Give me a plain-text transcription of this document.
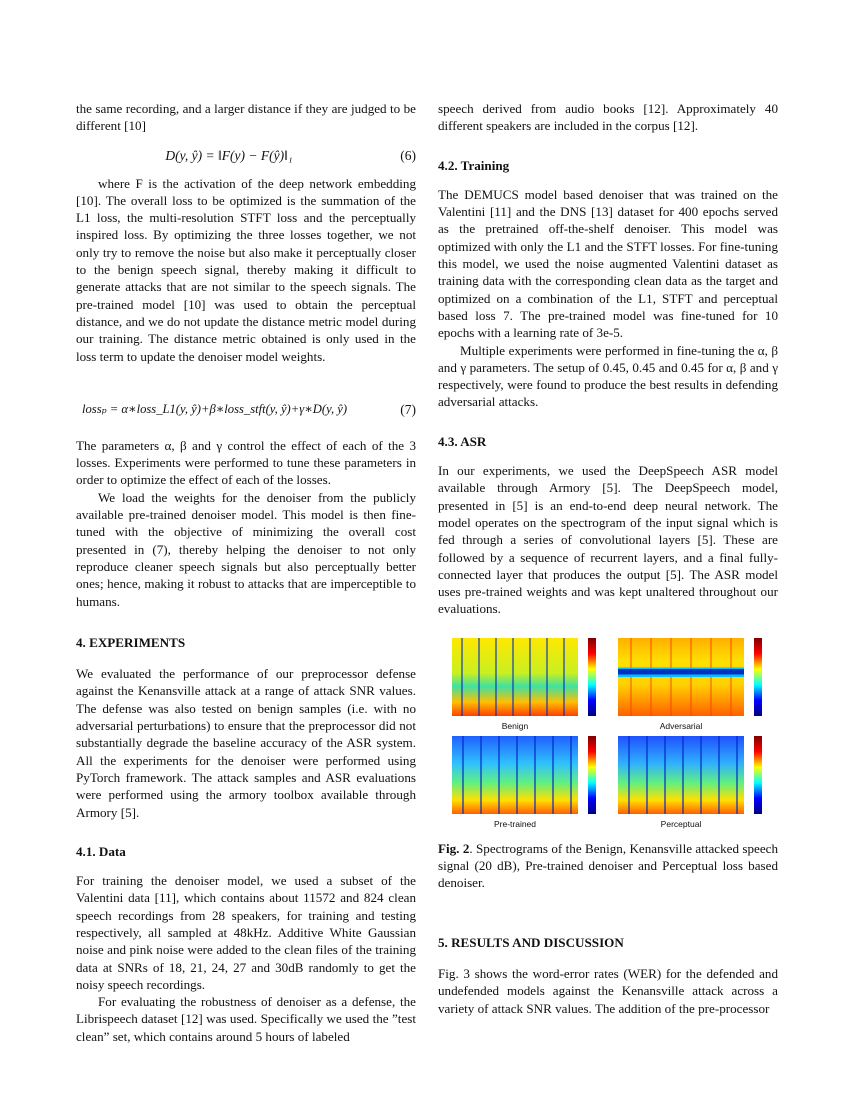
the same recording, and a larger distance if they are judged to be different [10]

D(y, ŷ) = ‖F(y) − F(ŷ)‖₁	(6)

where F is the activation of the deep network embedding [10]. The overall loss to be optimized is the summation of the L1 loss, the multi-resolution STFT loss and the perceptually inspired loss. By optimizing the three losses together, we not only try to remove the noise but also make it perceptually closer to the benign speech signal, thereby making it difficult to generate attacks that are not similar to the speech signals. The pre-trained model [10] was used to obtain the perceptual distance, and we do not update the distance metric model during our training. The distance metric obtained is only used in the loss term to update the denoiser model weights.

lossₚ = α∗loss_L1(y, ŷ)+β∗loss_stft(y, ŷ)+γ∗D(y, ŷ)	(7)

The parameters α, β and γ control the effect of each of the 3 losses. Experiments were performed to tune these parameters in order to optimize the effect of each of the losses.

We load the weights for the denoiser from the publicly available pre-trained denoiser model. This model is then fine-tuned with the objective of minimizing the overall cost presented in (7), thereby helping the denoiser to not only reproduce cleaner speech signals but also perceptually better ones; hence, making it robust to attacks that are imperceptible to humans.

4. EXPERIMENTS

We evaluated the performance of our preprocessor defense against the Kenansville attack at a range of attack SNR values. The defense was also tested on benign samples (i.e. with no adversarial perturbations) to ensure that the preprocessor did not substantially degrade the baseline accuracy of the ASR system. All the experiments for the denoiser were performed using PyTorch framework. The attack samples and ASR evaluations were performed using the armory toolbox available through Armory [5].

4.1. Data

For training the denoiser model, we used a subset of the Valentini data [11], which contains about 11572 and 824 clean speech recordings from 28 speakers, for training and testing respectively, all sampled at 48kHz. Additive White Gaussian noise and pink noise were added to the clean files of the training data at SNRs of 18, 21, 24, 27 and 30dB randomly to get the noisy speech recordings.

For evaluating the robustness of denoiser as a defense, the Librispeech dataset [12] was used. Specifically we used the ”test clean” set, which contains around 5 hours of labeled

speech derived from audio books [12]. Approximately 40 different speakers are included in the corpus [12].

4.2. Training

The DEMUCS model based denoiser that was trained on the Valentini [11] and the DNS [13] dataset for 400 epochs served as the pretrained off-the-shelf denoiser. This model was optimized with only the L1 and the STFT losses. For fine-tuning this model, we used the noise augmented Valentini dataset as training data with the corresponding clean data as the target and optimized on a combination of the L1, STFT and perceptual based loss 7. The pre-trained model was fine-tuned for 10 epochs with a learning rate of 3e-5.

Multiple experiments were performed in fine-tuning the α, β and γ parameters. The setup of 0.45, 0.45 and 0.45 for α, β and γ respectively, were found to produce the best results in defending adversarial attacks.

4.3. ASR

In our experiments, we used the DeepSpeech ASR model available through Armory [5]. The DeepSpeech model, presented in [5] is an end-to-end deep neural network. The model operates on the spectrogram of the input signal which is fed through a series of convolutional layers [5]. These are followed by a sequence of recurrent layers, and a final fully-connected layer that produces the output [5]. The ASR model uses pre-trained weights and was kept unaltered throughout our evaluations.

Benign	Adversarial
Pre-trained	Perceptual

Fig. 2. Spectrograms of the Benign, Kenansville attacked speech signal (20 dB), Pre-trained denoiser and Perceptual loss based denoiser.

5. RESULTS AND DISCUSSION

Fig. 3 shows the word-error rates (WER) for the defended and undefended models against the Kenansville attack across a variety of attack SNR values. The addition of the pre-processor
